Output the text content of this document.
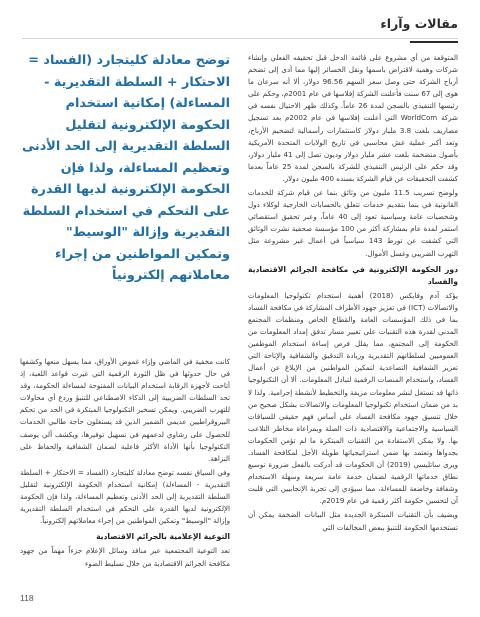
مقالات وآراء

المتوقعة من أي مشروع على قائمة الدخل قبل تحقيقه الفعلي وإنشاء شركات وهمية لاقتراض باسمها ونقل الخسائر إليها مما أدى إلى تضخم أرباح الشركة حتى وصل سعر السهم 96.56 دولار، ألا أنه سرعان ما هوى إلى 67 سنت فأعلنت الشركة إفلاسها في عام 2001م، وحكم على رئيسها التنفيذي بالسجن لمدة 26 عاماً. وكذلك ظهر الاحتيال نفسه في شركة WorldCom التي أعلنت إفلاسها في عام 2002م بعد تسجيل مصاريف بلغت 3.8 مليار دولار كاستثمارات رأسمالية لتضخيم الأرباح، وتعد أكبر عملية غش محاسبي في تاريخ الولايات المتحدة الأمريكية بأصول متضخمة بلغت عشر مليار دولار وديون تصل إلى 41 مليار دولار، وقد حكم على الرئيس التنفيذي للشركة بالسجن لمدة 25 عاماً بعدما كشفت التحقيقات عن قيام الشركة بسنده 400 مليون دولار.

ولوضح تسريب 11.5 مليون من وثائق بنما عن قيام شركة للخدمات القانونية في بنما بتقديم خدمات تتعلق بالحسابات الخارجية لوكلاء دول وشخصيات عامة وسياسية تعود إلى 40 عاماً، وعبر تحقيق استقصائي استمر لمدة عام بمشاركة أكثر من 100 مؤسسة صحفية نشرت الوثائق التي كشفت عن تورط 143 سياسياً في أعمال غير مشروعة مثل التهرب الضريبي وغسل الأموال.

دور الحكومة الإلكترونية في مكافحة الجرائم الاقتصادية والفساد

يؤكد آدم وفايكس (2018) أهمية استخدام تكنولوجيا المعلومات والاتصالات (ICT) في تعزيز جهود الأطراف المشاركة في مكافحة الفساد بما في ذلك المؤسسات العامة والقطاع الخاص ومنظمات المجتمع المدني لقدرة هذه التقنيات على تغيير مسار تدفق إمداد المعلومات من الحكومة إلى المجتمع، مما يقلل فرص إساءة استخدام الموظفين العموميين لسلطاتهم التقديرية وزيادة التدقيق والشفافية والإتاحة التي تعزيز الشفافية التصاعدية لتمكين المواطنين من الإبلاغ عن أعمال الفساد، واستخدام المنصات الرقمية لتبادل المعلومات. ألا أن التكنولوجيا ذاتها قد تستغل لنشر معلومات مزيفة والتخطيط لأنشطة إجرامية. ولذا لا بد من ضمان استخدام تكنولوجيا المعلومات والاتصالات بشكل صحيح من خلال تنسيق جهود مكافحة الفساد على أساس فهم حقيقي للسياقات السياسية والاجتماعية والاقتصادية ذات الصلة وبمراعاة مخاطر التلاعب بها. ولا يمكن الاستفادة من التقنيات المبتكرة ما لم تؤمن الحكومات بجدواها وتعتمد بها ضمن استراتيجياتها طويلة الأجل لمكافحة الفساد. ويرى ساتليسي (2019) أن الحكومات قد أدركت بالفعل ضرورة توسيع نطاق خدماتها الرقمية لضمان خدمة عامة سريعة وسهلة الاستخدام وشفافة وخاضعة للمساءلة، مما سيؤدي إلى تجربة الإنجابيين التي قلبت آن لتحسين حكومة أكثر رقمية في عام 2019م.

ويضيف بأن التقنيات المبتكرة الجديدة مثل البيانات الضخمة يمكن أن تستخدمها الحكومة للتنبؤ ببعض المخالفات التي

توضح معادلة كليتجارد (الفساد = الاحتكار + السلطة التقديرية - المساءلة) إمكانية استخدام الحكومة الإلكترونية لتقليل السلطة التقديرية إلى الحد الأدنى وتعظيم المساءلة، ولذا فإن الحكومة الإلكترونية لديها القدرة على التحكم في استخدام السلطة التقديرية وإزالة "الوسيط" وتمكين المواطنين من إجراء معاملاتهم إلكترونياً

كانت مخفية في الماضي وإزاء غموض الأوراق، مما يسهل منعها وكشفها في حال حدوثها في ظل الثورة الرقمية التي غيرت قواعد اللعبة، إذ أتاحت لأجهزة الرقابة استخدام البيانات المفتوحة لمساءلة الحكومة، وقد تحد السلطات الضريبية إلى الذكاء الاصطناعي للتنبؤ وردع أي محاولات للتهرب الضريبي. ويمكن تسخير التكنولوجيا المبتكرة في الحد من تحكم البيروقراطيين عديمي الضمير الذين قد يستغلون حاجة طالبي الخدمات للحصول على رشاوي لدعمهم في تسهيل توفيرها، ويكشف ألي يوصف التكنولوجيا بأنها الأداة الأكثر فاعلية لضمان الشفافية والحفاظ على النزاهة.

وفي السياق نفسه توضح معادلة كليتجارد (الفساد = الاحتكار + السلطة التقديرية - المساءلة) إمكانية استخدام الحكومة الإلكترونية لتقليل السلطة التقديرية إلى الحد الأدنى وتعظيم المساءلة، ولذا فإن الحكومة الإلكترونية لديها القدرة على التحكم في استخدام السلطة التقديرية وإزالة "الوسيط" وتمكين المواطنين من إجراء معاملاتهم إلكترونياً.

التوعية الإعلامية بالجرائم الاقتصادية

تعد التوعية المجتمعية عبر منافذ وسائل الإعلام جزءاً مهماً من جهود مكافحة الجرائم الاقتصادية من خلال تسليط الضوء

118
